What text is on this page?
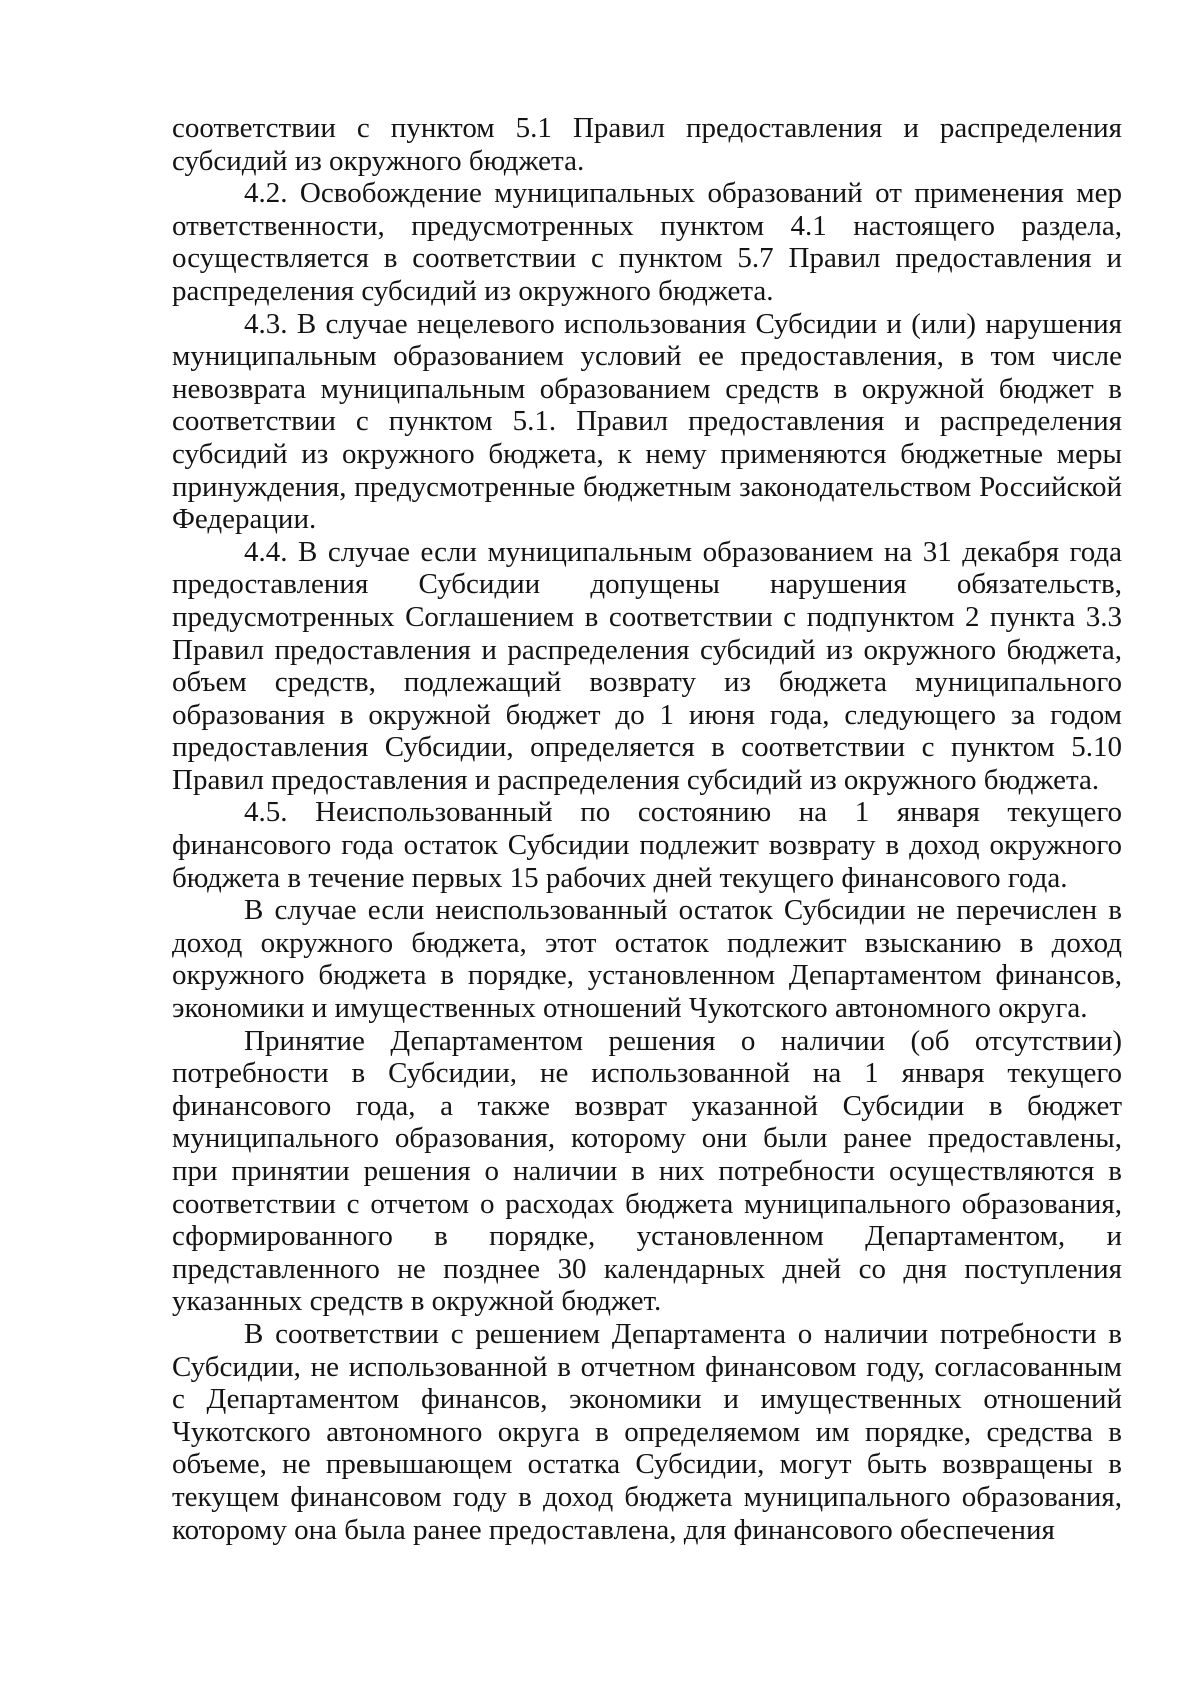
соответствии с пунктом 5.1 Правил предоставления и распределения субсидий из окружного бюджета.

4.2. Освобождение муниципальных образований от применения мер ответственности, предусмотренных пунктом 4.1 настоящего раздела, осуществляется в соответствии с пунктом 5.7 Правил предоставления и распределения субсидий из окружного бюджета.

4.3. В случае нецелевого использования Субсидии и (или) нарушения муниципальным образованием условий ее предоставления, в том числе невозврата муниципальным образованием средств в окружной бюджет в соответствии с пунктом 5.1. Правил предоставления и распределения субсидий из окружного бюджета, к нему применяются бюджетные меры принуждения, предусмотренные бюджетным законодательством Российской Федерации.

4.4. В случае если муниципальным образованием на 31 декабря года предоставления Субсидии допущены нарушения обязательств, предусмотренных Соглашением в соответствии с подпунктом 2 пункта 3.3 Правил предоставления и распределения субсидий из окружного бюджета, объем средств, подлежащий возврату из бюджета муниципального образования в окружной бюджет до 1 июня года, следующего за годом предоставления Субсидии, определяется в соответствии с пунктом 5.10 Правил предоставления и распределения субсидий из окружного бюджета.

4.5. Неиспользованный по состоянию на 1 января текущего финансового года остаток Субсидии подлежит возврату в доход окружного бюджета в течение первых 15 рабочих дней текущего финансового года.

В случае если неиспользованный остаток Субсидии не перечислен в доход окружного бюджета, этот остаток подлежит взысканию в доход окружного бюджета в порядке, установленном Департаментом финансов, экономики и имущественных отношений Чукотского автономного округа.

Принятие Департаментом решения о наличии (об отсутствии) потребности в Субсидии, не использованной на 1 января текущего финансового года, а также возврат указанной Субсидии в бюджет муниципального образования, которому они были ранее предоставлены, при принятии решения о наличии в них потребности осуществляются в соответствии с отчетом о расходах бюджета муниципального образования, сформированного в порядке, установленном Департаментом, и представленного не позднее 30 календарных дней со дня поступления указанных средств в окружной бюджет.

В соответствии с решением Департамента о наличии потребности в Субсидии, не использованной в отчетном финансовом году, согласованным с Департаментом финансов, экономики и имущественных отношений Чукотского автономного округа в определяемом им порядке, средства в объеме, не превышающем остатка Субсидии, могут быть возвращены в текущем финансовом году в доход бюджета муниципального образования, которому она была ранее предоставлена, для финансового обеспечения
